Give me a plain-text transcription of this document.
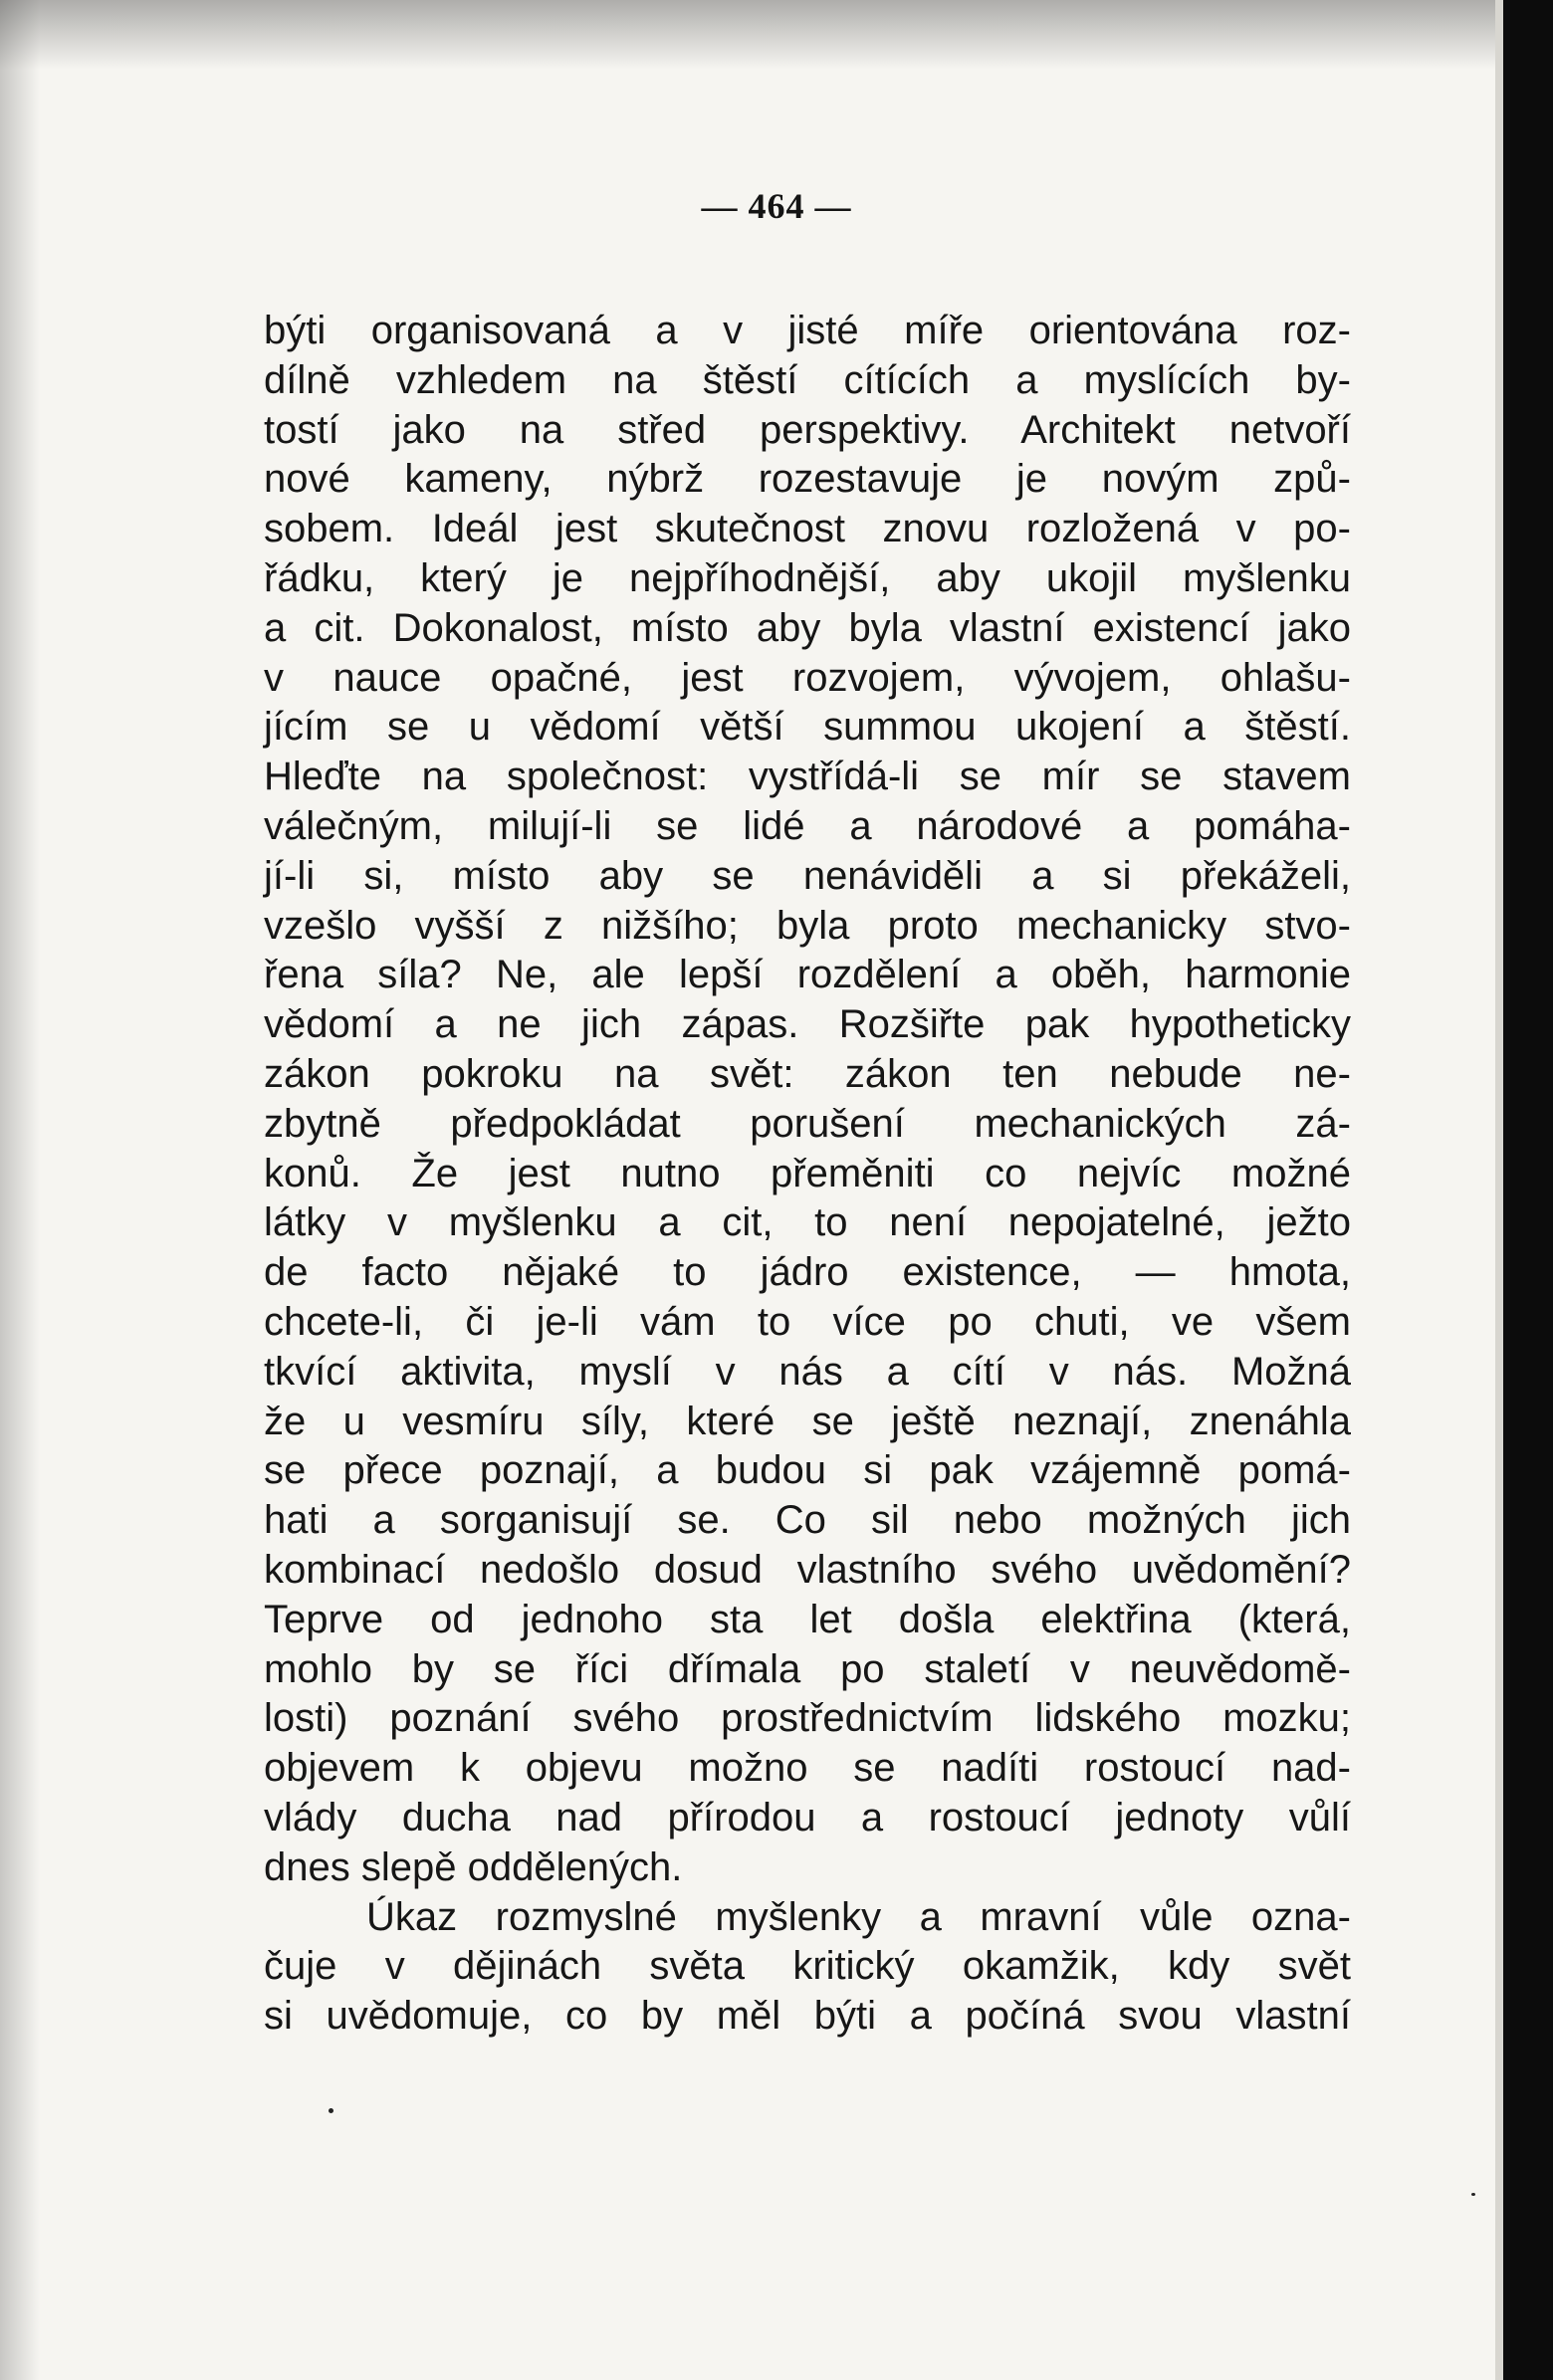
— 464 —
býti organisovaná a v jisté míře orientována roz-
dílně vzhledem na štěstí cítících a myslících by-
tostí jako na střed perspektivy. Architekt netvoří
nové kameny, nýbrž rozestavuje je novým způ-
sobem. Ideál jest skutečnost znovu rozložená v po-
řádku, který je nejpříhodnější, aby ukojil myšlenku
a cit. Dokonalost, místo aby byla vlastní existencí jako
v nauce opačné, jest rozvojem, vývojem, ohlašu-
jícím se u vědomí větší summou ukojení a štěstí.
Hleďte na společnost: vystřídá-li se mír se stavem
válečným, milují-li se lidé a národové a pomáha-
jí-li si, místo aby se nenáviděli a si překáželi,
vzešlo vyšší z nižšího; byla proto mechanicky stvo-
řena síla? Ne, ale lepší rozdělení a oběh, harmonie
vědomí a ne jich zápas. Rozšiřte pak hypotheticky
zákon pokroku na svět: zákon ten nebude ne-
zbytně předpokládat porušení mechanických zá-
konů. Že jest nutno přeměniti co nejvíc možné
látky v myšlenku a cit, to není nepojatelné, ježto
de facto nějaké to jádro existence, — hmota,
chcete-li, či je-li vám to více po chuti, ve všem
tkvící aktivita, myslí v nás a cítí v nás. Možná
že u vesmíru síly, které se ještě neznají, znenáhla
se přece poznají, a budou si pak vzájemně pomá-
hati a sorganisují se. Co sil nebo možných jich
kombinací nedošlo dosud vlastního svého uvědomění?
Teprve od jednoho sta let došla elektřina (která,
mohlo by se říci dřímala po staletí v neuvědomě-
losti) poznání svého prostřednictvím lidského mozku;
objevem k objevu možno se nadíti rostoucí nad-
vlády ducha nad přírodou a rostoucí jednoty vůlí
dnes slepě oddělených.
Úkaz rozmyslné myšlenky a mravní vůle ozna-
čuje v dějinách světa kritický okamžik, kdy svět
si uvědomuje, co by měl býti a počíná svou vlastní
